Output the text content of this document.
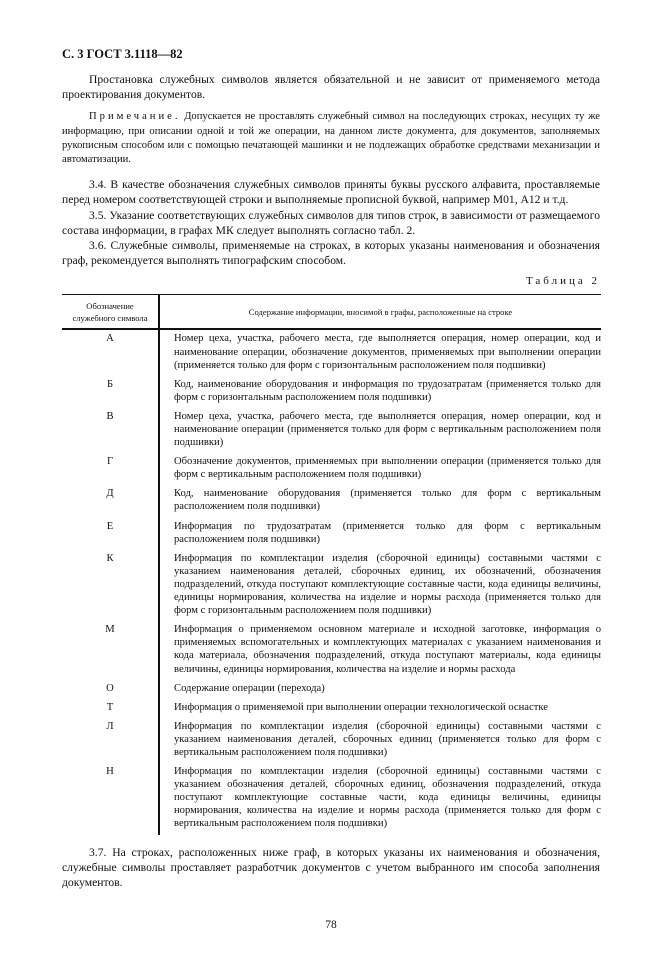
С. 3 ГОСТ 3.1118—82
Простановка служебных символов является обязательной и не зависит от применяемого метода проектирования документов.
Примечание. Допускается не проставлять служебный символ на последующих строках, несущих ту же информацию, при описании одной и той же операции, на данном листе документа, для документов, заполняемых рукописным способом или с помощью печатающей машинки и не подлежащих обработке средствами механизации и автоматизации.
3.4. В качестве обозначения служебных символов приняты буквы русского алфавита, проставляемые перед номером соответствующей строки и выполняемые прописной буквой, например М01, А12 и т.д.
3.5. Указание соответствующих служебных символов для типов строк, в зависимости от размещаемого состава информации, в графах МК следует выполнять согласно табл. 2.
3.6. Служебные символы, применяемые на строках, в которых указаны наименования и обозначения граф, рекомендуется выполнять типографским способом.
Таблица 2
Обозначение служебного символа	Содержание информации, вносимой в графы, расположенные на строке
А	Номер цеха, участка, рабочего места, где выполняется операция, номер операции, код и наименование операции, обозначение документов, применяемых при выполнении операции (применяется только для форм с горизонтальным расположением поля подшивки)
Б	Код, наименование оборудования и информация по трудозатратам (применяется только для форм с горизонтальным расположением поля подшивки)
В	Номер цеха, участка, рабочего места, где выполняется операция, номер операции, код и наименование операции (применяется только для форм с вертикальным расположением поля подшивки)
Г	Обозначение документов, применяемых при выполнении операции (применяется только для форм с вертикальным расположением поля подшивки)
Д	Код, наименование оборудования (применяется только для форм с вертикальным расположением поля подшивки)
Е	Информация по трудозатратам (применяется только для форм с вертикальным расположением поля подшивки)
К	Информация по комплектации изделия (сборочной единицы) составными частями с указанием наименования деталей, сборочных единиц, их обозначений, обозначения подразделений, откуда поступают комплектующие составные части, кода единицы величины, единицы нормирования, количества на изделие и нормы расхода (применяется только для форм с горизонтальным расположением поля подшивки)
М	Информация о применяемом основном материале и исходной заготовке, информация о применяемых вспомогательных и комплектующих материалах с указанием наименования и кода материала, обозначения подразделений, откуда поступают материалы, кода единицы величины, единицы нормирования, количества на изделие и нормы расхода
О	Содержание операции (перехода)
Т	Информация о применяемой при выполнении операции технологической оснастке
Л	Информация по комплектации изделия (сборочной единицы) составными частями с указанием наименования деталей, сборочных единиц (применяется только для форм с вертикальным расположением поля подшивки)
Н	Информация по комплектации изделия (сборочной единицы) составными частями с указанием обозначения деталей, сборочных единиц, обозначения подразделений, откуда поступают комплектующие составные части, кода единицы величины, единицы нормирования, количества на изделие и нормы расхода (применяется только для форм с вертикальным расположением поля подшивки)
3.7. На строках, расположенных ниже граф, в которых указаны их наименования и обозначения, служебные символы проставляет разработчик документов с учетом выбранного им способа заполнения документов.
78
